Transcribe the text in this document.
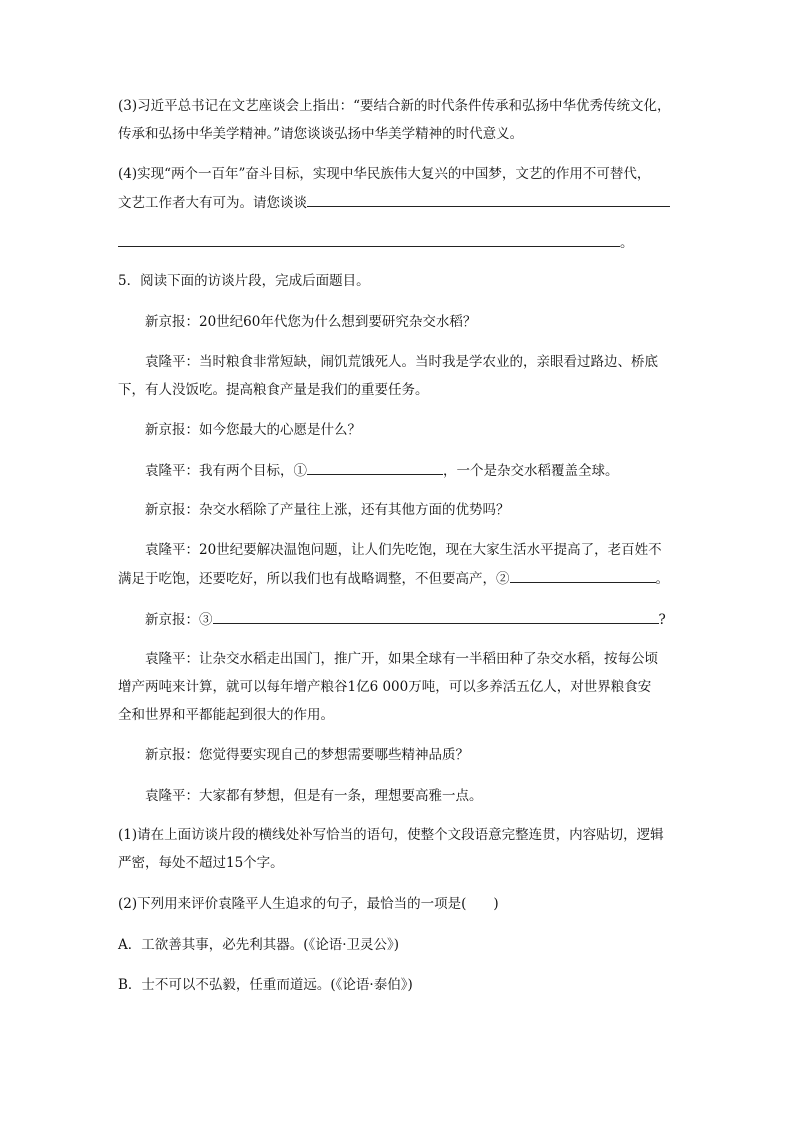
(3)习近平总书记在文艺座谈会上指出：“要结合新的时代条件传承和弘扬中华优秀传统文化，
传承和弘扬中华美学精神。”请您谈谈弘扬中华美学精神的时代意义。
(4)实现“两个一百年”奋斗目标，实现中华民族伟大复兴的中国梦，文艺的作用不可替代，
文艺工作者大有可为。请您谈谈
。
5．阅读下面的访谈片段，完成后面题目。
新京报：20世纪60年代您为什么想到要研究杂交水稻？
袁隆平：当时粮食非常短缺，闹饥荒饿死人。当时我是学农业的，亲眼看过路边、桥底
下，有人没饭吃。提高粮食产量是我们的重要任务。
新京报：如今您最大的心愿是什么？
袁隆平：我有两个目标，①	，一个是杂交水稻覆盖全球。
新京报：杂交水稻除了产量往上涨，还有其他方面的优势吗？
袁隆平：20世纪要解决温饱问题，让人们先吃饱，现在大家生活水平提高了，老百姓不
满足于吃饱，还要吃好，所以我们也有战略调整，不但要高产，②	。
新京报：③	?
袁隆平：让杂交水稻走出国门，推广开，如果全球有一半稻田种了杂交水稻，按每公顷
增产两吨来计算，就可以每年增产粮谷1亿6 000万吨，可以多养活五亿人，对世界粮食安
全和世界和平都能起到很大的作用。
新京报：您觉得要实现自己的梦想需要哪些精神品质？
袁隆平：大家都有梦想，但是有一条，理想要高雅一点。
(1)请在上面访谈片段的横线处补写恰当的语句，使整个文段语意完整连贯，内容贴切，逻辑
严密，每处不超过15个字。
(2)下列用来评价袁隆平人生追求的句子，最恰当的一项是(　　)
A．工欲善其事，必先利其器。(《论语·卫灵公》)
B．士不可以不弘毅，任重而道远。(《论语·泰伯》)
